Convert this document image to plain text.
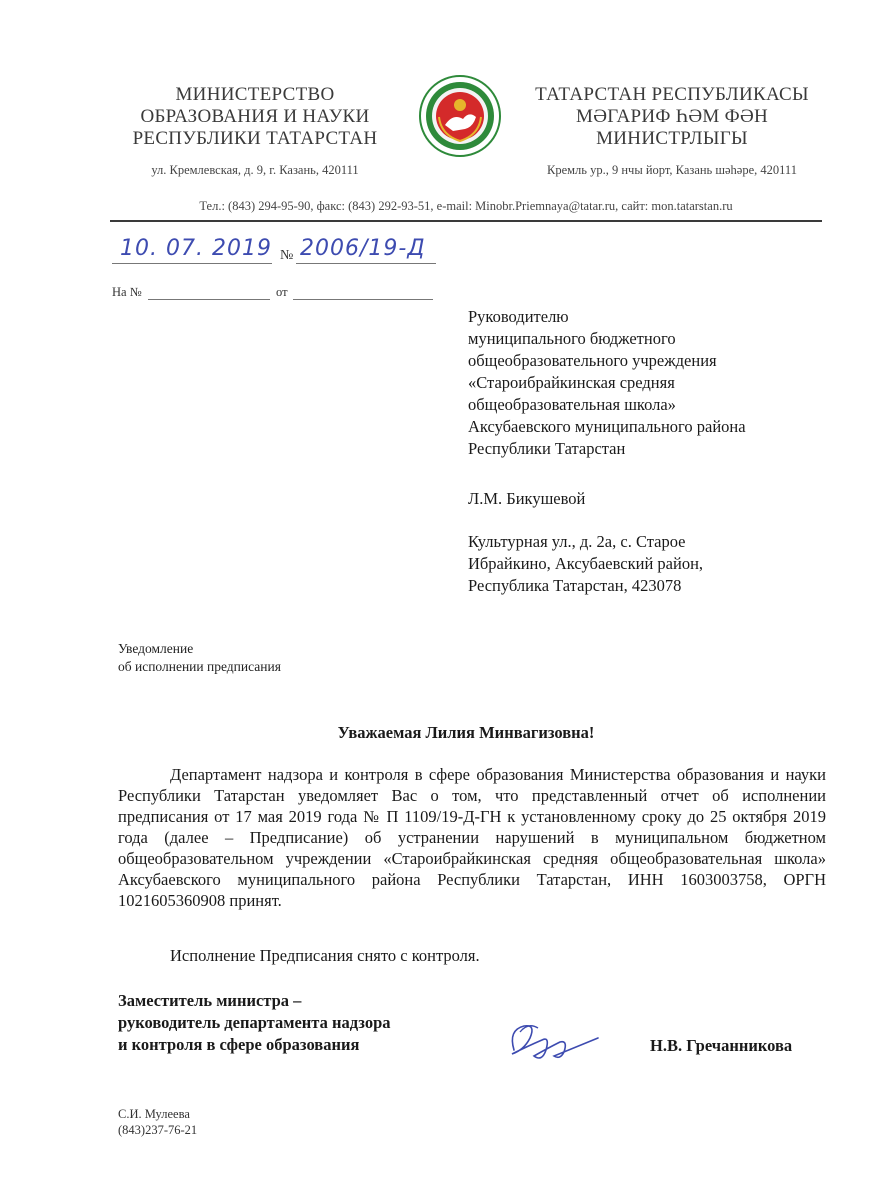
МИНИСТЕРСТВО
ОБРАЗОВАНИЯ И НАУКИ
РЕСПУБЛИКИ ТАТАРСТАН
ТАТАРСТАН РЕСПУБЛИКАСЫ
МӘГАРИФ ҺӘМ ФӘН
МИНИСТРЛЫГЫ
ул. Кремлевская, д. 9, г. Казань, 420111	Кремль ур., 9 нчы йорт, Казань шәһәре, 420111
Тел.: (843) 294-95-90, факс: (843) 292-93-51, e-mail: Minobr.Priemnaya@tatar.ru, сайт: mon.tatarstan.ru
10. 07. 2019 № 2006/19-Д
На №	от
Руководителю
муниципального бюджетного
общеобразовательного учреждения
«Староибрайкинская средняя
общеобразовательная школа»
Аксубаевского муниципального района
Республики Татарстан
Л.М. Бикушевой
Культурная ул., д. 2а, с. Старое
Ибрайкино, Аксубаевский район,
Республика Татарстан, 423078
Уведомление
об исполнении предписания
Уважаемая Лилия Минвагизовна!
Департамент надзора и контроля в сфере образования Министерства образования и науки Республики Татарстан уведомляет Вас о том, что представленный отчет об исполнении предписания от 17 мая 2019 года № П 1109/19-Д-ГН к установленному сроку до 25 октября 2019 года (далее – Предписание) об устранении нарушений в муниципальном бюджетном общеобразовательном учреждении «Староибрайкинская средняя общеобразовательная школа» Аксубаевского муниципального района Республики Татарстан, ИНН 1603003758, ОРГН 1021605360908 принят.
Исполнение Предписания снято с контроля.
Заместитель министра –
руководитель департамента надзора
и контроля в сфере образования	Н.В. Гречанникова
С.И. Мулеева
(843)237-76-21
